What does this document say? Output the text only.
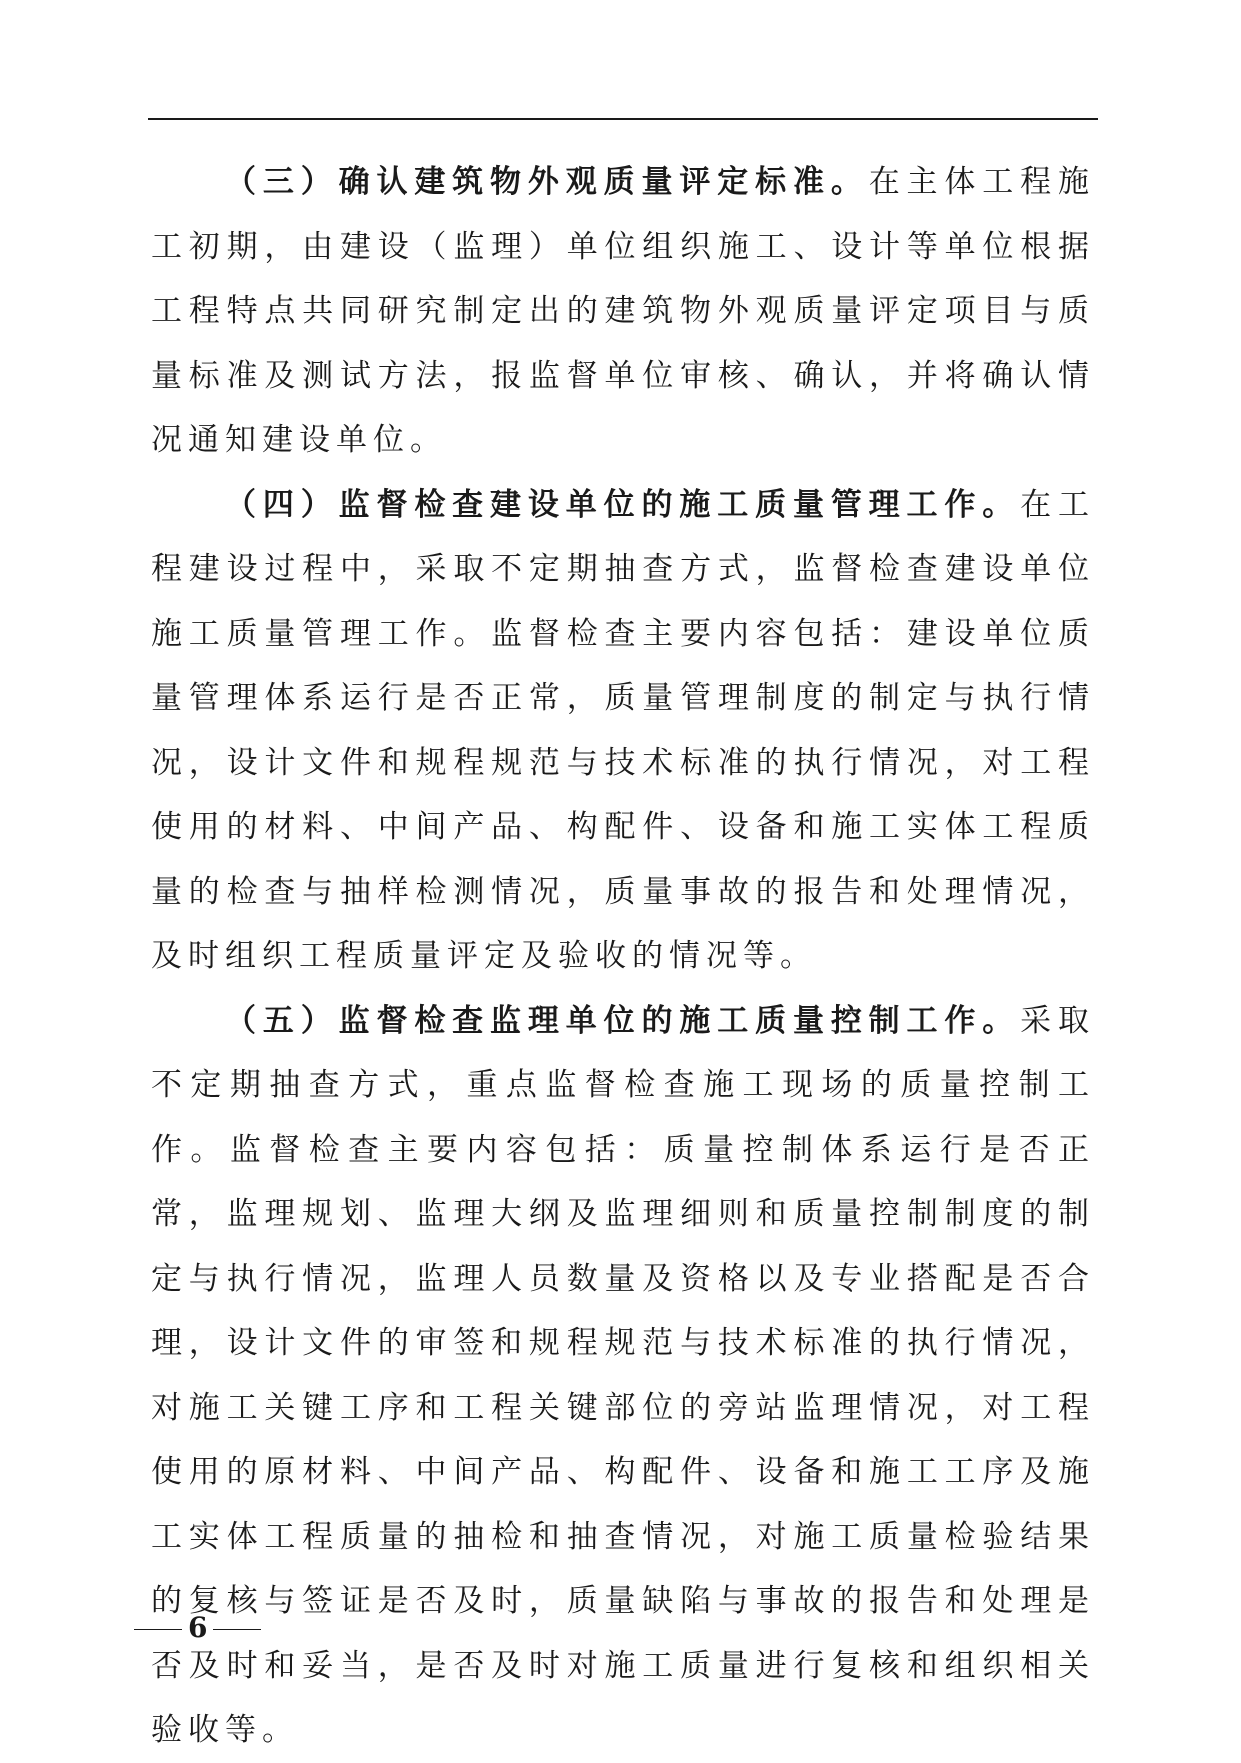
（三）确认建筑物外观质量评定标准。在主体工程施工初期，由建设（监理）单位组织施工、设计等单位根据工程特点共同研究制定出的建筑物外观质量评定项目与质量标准及测试方法，报监督单位审核、确认，并将确认情况通知建设单位。

（四）监督检查建设单位的施工质量管理工作。在工程建设过程中，采取不定期抽查方式，监督检查建设单位施工质量管理工作。监督检查主要内容包括：建设单位质量管理体系运行是否正常，质量管理制度的制定与执行情况，设计文件和规程规范与技术标准的执行情况，对工程使用的材料、中间产品、构配件、设备和施工实体工程质量的检查与抽样检测情况，质量事故的报告和处理情况，及时组织工程质量评定及验收的情况等。

（五）监督检查监理单位的施工质量控制工作。采取不定期抽查方式，重点监督检查施工现场的质量控制工作。监督检查主要内容包括：质量控制体系运行是否正常，监理规划、监理大纲及监理细则和质量控制制度的制定与执行情况，监理人员数量及资格以及专业搭配是否合理，设计文件的审签和规程规范与技术标准的执行情况，对施工关键工序和工程关键部位的旁站监理情况，对工程使用的原材料、中间产品、构配件、设备和施工工序及施工实体工程质量的抽检和抽查情况，对施工质量检验结果的复核与签证是否及时，质量缺陷与事故的报告和处理是否及时和妥当，是否及时对施工质量进行复核和组织相关验收等。

6
